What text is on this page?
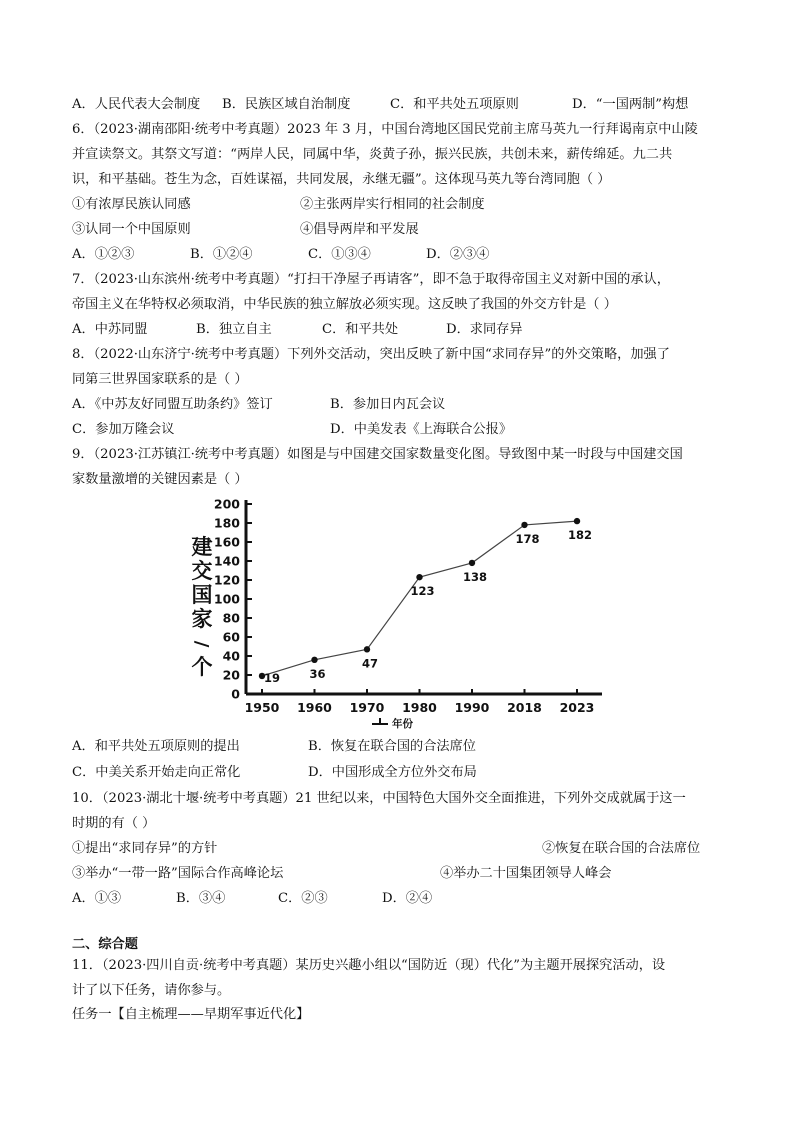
A．人民代表大会制度 B．民族区域自治制度	C．和平共处五项原则	D．“一国两制”构想
6．（2023·湖南邵阳·统考中考真题）2023 年 3 月，中国台湾地区国民党前主席马英九一行拜谒南京中山陵
并宣读祭文。其祭文写道：“两岸人民，同属中华，炎黄子孙，振兴民族，共创未来，薪传绵延。九二共
识，和平基础。苍生为念，百姓谋福，共同发展，永继无疆”。这体现马英九等台湾同胞（ ）
①有浓厚民族认同感	②主张两岸实行相同的社会制度
③认同一个中国原则	④倡导两岸和平发展
A．①②③	B．①②④	C．①③④	D．②③④
7．（2023·山东滨州·统考中考真题）“打扫干净屋子再请客”，即不急于取得帝国主义对新中国的承认，
帝国主义在华特权必须取消，中华民族的独立解放必须实现。这反映了我国的外交方针是（ ）
A．中苏同盟	B．独立自主	C．和平共处	D．求同存异
8．（2022·山东济宁·统考中考真题）下列外交活动，突出反映了新中国“求同存异”的外交策略，加强了
同第三世界国家联系的是（ ）
A．《中苏友好同盟互助条约》签订	B．参加日内瓦会议
C．参加万隆会议	D．中美发表《上海联合公报》
9．（2023·江苏镇江·统考中考真题）如图是与中国建交国家数量变化图。导致图中某一时段与中国建交国
家数量激增的关键因素是（ ）
建
交
国
家
/
个
0
20
40
60
80
100
120
140
160
180
200
1950 1960 1970 1980 1990 2018 2023
19	36
47
123
138
178 182
年份
A．和平共处五项原则的提出	B．恢复在联合国的合法席位
C．中美关系开始走向正常化	D．中国形成全方位外交布局
10．（2023·湖北十堰·统考中考真题）21 世纪以来，中国特色大国外交全面推进，下列外交成就属于这一
时期的有（ ）
①提出“求同存异”的方针	②恢复在联合国的合法席位
③举办“一带一路”国际合作高峰论坛	④举办二十国集团领导人峰会
A．①③	B．③④	C．②③	D．②④
二、综合题
11．（2023·四川自贡·统考中考真题）某历史兴趣小组以“国防近（现）代化”为主题开展探究活动，设
计了以下任务，请你参与。
任务一【自主梳理——早期军事近代化】
